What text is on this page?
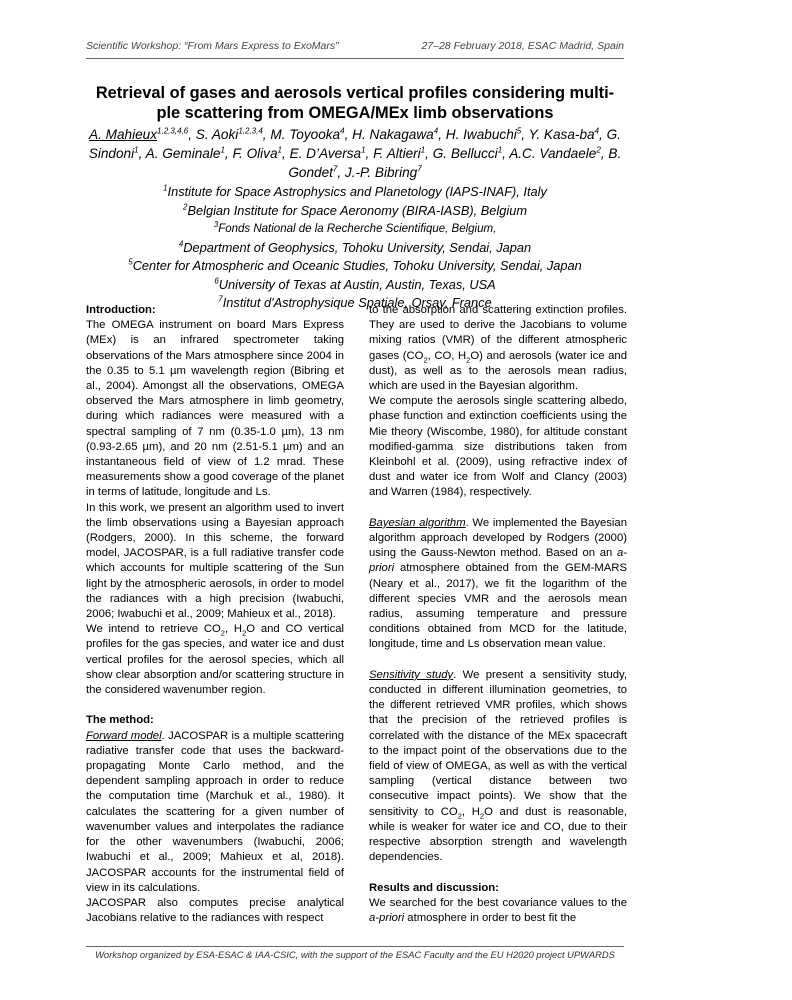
Scientific Workshop: “From Mars Express to ExoMars”	27–28 February 2018, ESAC Madrid, Spain
Retrieval of gases and aerosols vertical profiles considering multi-ple scattering from OMEGA/MEx limb observations
A. Mahieux$^{1,2,3,4,6}$, S. Aoki$^{1,2,3,4}$, M. Toyooka$^4$, H. Nakagawa$^4$, H. Iwabuchi$^5$, Y. Kasa-$ba^4$, G. Sindoni$^1$, A. Geminale$^1$, F. Oliva$^1$, E. D’Aversa$^1$, F. Altieri$^1$, G. Bellucci$^1$, A.C. Vandaele$^2$, B. Gondet$^7$, J.-P. Bibring$^7$
$^1$Institute for Space Astrophysics and Planetology (IAPS-INAF), Italy
$^2$Belgian Institute for Space Aeronomy (BIRA-IASB), Belgium
$^3$Fonds National de la Recherche Scientifique, Belgium,
$^4$Department of Geophysics, Tohoku University, Sendai, Japan
$^5$Center for Atmospheric and Oceanic Studies, Tohoku University, Sendai, Japan
$^6$University of Texas at Austin, Austin, Texas, USA
$^7$Institut d'Astrophysique Spatiale, Orsay, France

Introduction:

The OMEGA instrument on board Mars Express (MEx) is an infrared spectrometer taking observations of the Mars atmosphere since 2004 in the 0.35 to 5.1 µm wavelength region (Bibring et al., 2004). Amongst all the observations, OMEGA observed the Mars atmosphere in limb geometry, during which radiances were measured with a spectral sampling of 7 nm (0.35-1.0 µm), 13 nm (0.93-2.65 µm), and 20 nm (2.51-5.1 µm) and an instantaneous field of view of 1.2 mrad. These measurements show a good coverage of the planet in terms of latitude, longitude and Ls.

In this work, we present an algorithm used to invert the limb observations using a Bayesian approach (Rodgers, 2000). In this scheme, the forward model, JACOSPAR, is a full radiative transfer code which accounts for multiple scattering of the Sun light by the atmospheric aerosols, in order to model the radiances with a high precision (Iwabuchi, 2006; Iwabuchi et al., 2009; Mahieux et al., 2018).

We intend to retrieve $CO_2$, $H_2O$ and CO vertical profiles for the gas species, and water ice and dust vertical profiles for the aerosol species, which all show clear absorption and/or scattering structure in the considered wavenumber region.

The method:

Forward model. JACOSPAR is a multiple scattering radiative transfer code that uses the backward-propagating Monte Carlo method, and the dependent sampling approach in order to reduce the computation time (Marchuk et al., 1980). It calculates the scattering for a given number of wavenumber values and interpolates the radiance for the other wavenumbers (Iwabuchi, 2006; Iwabuchi et al., 2009; Mahieux et al, 2018). JACOSPAR accounts for the instrumental field of view in its calculations.

JACOSPAR also computes precise analytical Jacobians relative to the radiances with respect

to the absorption and scattering extinction profiles. They are used to derive the Jacobians to volume mixing ratios (VMR) of the different atmospheric gases ($CO_2$, CO, $H_2O$) and aerosols (water ice and dust), as well as to the aerosols mean radius, which are used in the Bayesian algorithm.

We compute the aerosols single scattering albedo, phase function and extinction coefficients using the Mie theory (Wiscombe, 1980), for altitude constant modified-gamma size distributions taken from Kleinbohl et al. (2009), using refractive index of dust and water ice from Wolf and Clancy (2003) and Warren (1984), respectively.

Bayesian algorithm. We implemented the Bayesian algorithm approach developed by Rodgers (2000) using the Gauss-Newton method. Based on an a-priori atmosphere obtained from the GEM-MARS (Neary et al., 2017), we fit the logarithm of the different species VMR and the aerosols mean radius, assuming temperature and pressure conditions obtained from MCD for the latitude, longitude, time and Ls observation mean value.

Sensitivity study. We present a sensitivity study, conducted in different illumination geometries, to the different retrieved VMR profiles, which shows that the precision of the retrieved profiles is correlated with the distance of the MEx spacecraft to the impact point of the observations due to the field of view of OMEGA, as well as with the vertical sampling (vertical distance between two consecutive impact points). We show that the sensitivity to $CO_2$, $H_2O$ and dust is reasonable, while is weaker for water ice and CO, due to their respective absorption strength and wavelength dependencies.

Results and discussion:

We searched for the best covariance values to the a-priori atmosphere in order to best fit the

Workshop organized by ESA-ESAC & IAA-CSIC, with the support of the ESAC Faculty and the EU H2020 project UPWARDS
